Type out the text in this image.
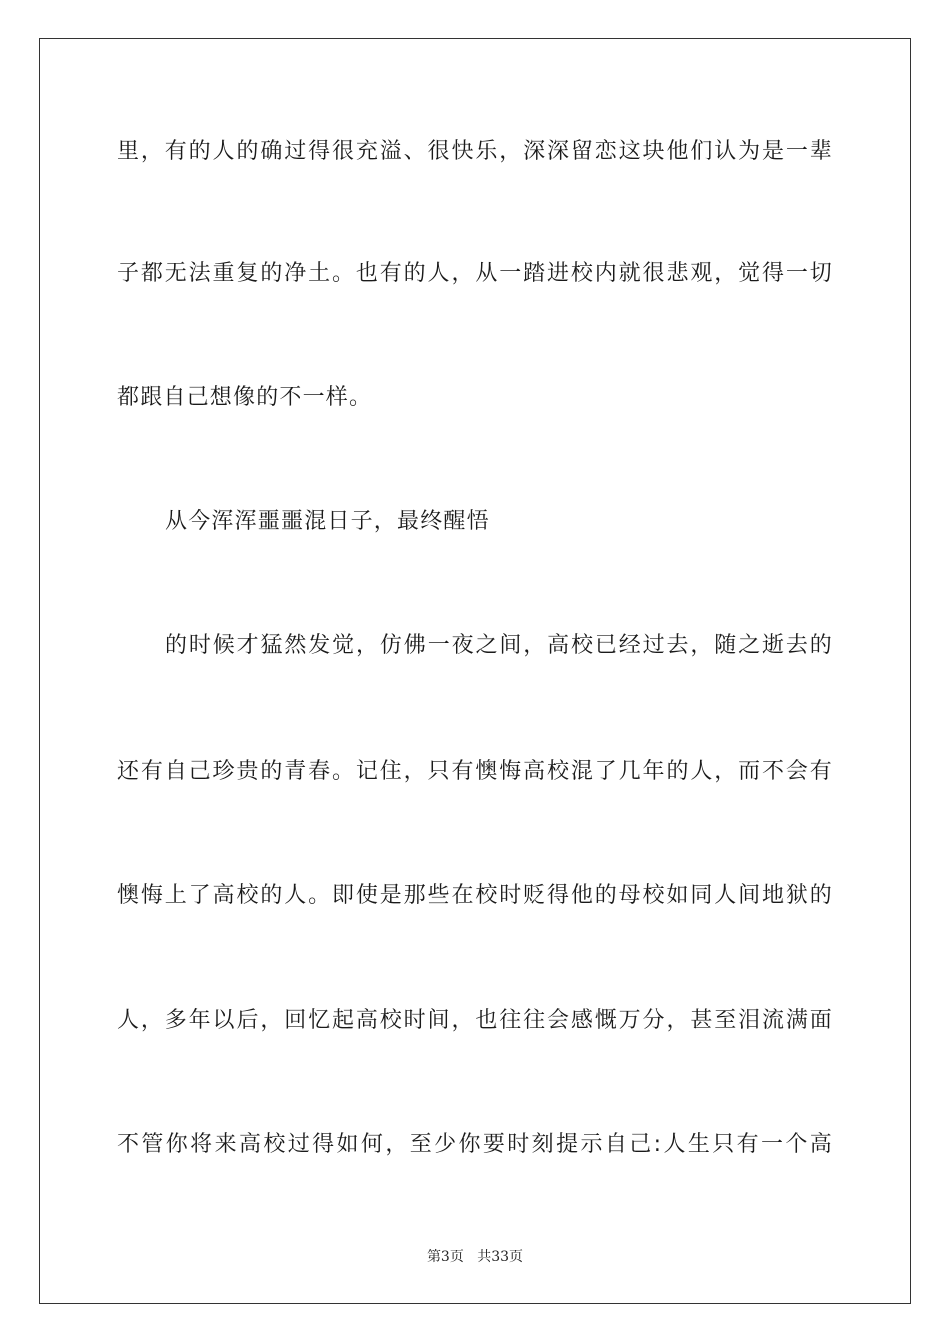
里，有的人的确过得很充溢、很快乐，深深留恋这块他们认为是一辈
子都无法重复的净土。也有的人，从一踏进校内就很悲观，觉得一切
都跟自己想像的不一样。
从今浑浑噩噩混日子，最终醒悟
的时候才猛然发觉，仿佛一夜之间，高校已经过去，随之逝去的
还有自己珍贵的青春。记住，只有懊悔高校混了几年的人，而不会有
懊悔上了高校的人。即使是那些在校时贬得他的母校如同人间地狱的
人，多年以后，回忆起高校时间，也往往会感慨万分，甚至泪流满面
不管你将来高校过得如何，至少你要时刻提示自己:人生只有一个高
第3页 共33页
